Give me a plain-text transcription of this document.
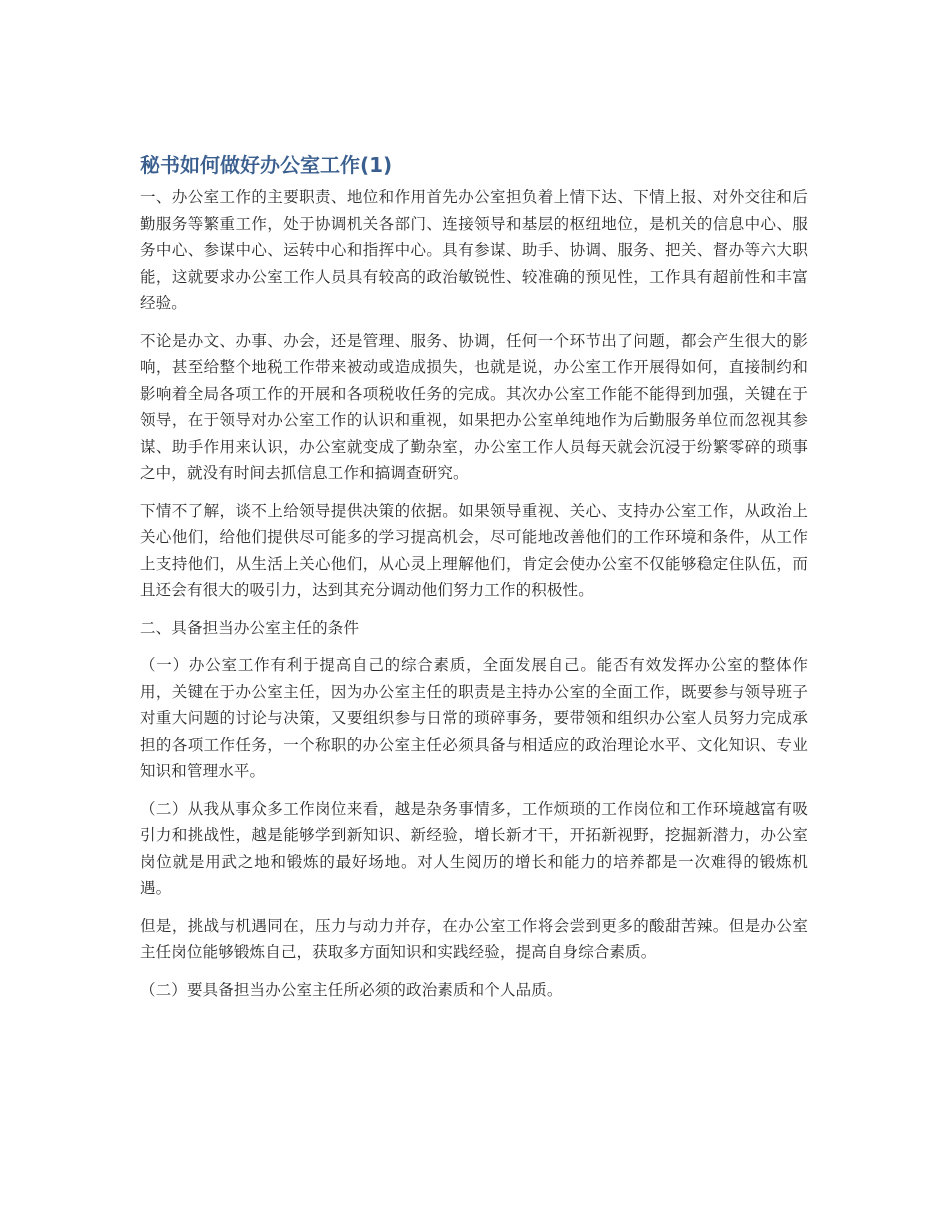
秘书如何做好办公室工作(1)

一、办公室工作的主要职责、地位和作用首先办公室担负着上情下达、下情上报、对外交往和后勤服务等繁重工作，处于协调机关各部门、连接领导和基层的枢纽地位，是机关的信息中心、服务中心、参谋中心、运转中心和指挥中心。具有参谋、助手、协调、服务、把关、督办等六大职能，这就要求办公室工作人员具有较高的政治敏锐性、较准确的预见性，工作具有超前性和丰富经验。

不论是办文、办事、办会，还是管理、服务、协调，任何一个环节出了问题，都会产生很大的影响，甚至给整个地税工作带来被动或造成损失，也就是说，办公室工作开展得如何，直接制约和影响着全局各项工作的开展和各项税收任务的完成。其次办公室工作能不能得到加强，关键在于领导，在于领导对办公室工作的认识和重视，如果把办公室单纯地作为后勤服务单位而忽视其参谋、助手作用来认识，办公室就变成了勤杂室，办公室工作人员每天就会沉浸于纷繁零碎的琐事之中，就没有时间去抓信息工作和搞调查研究。

下情不了解，谈不上给领导提供决策的依据。如果领导重视、关心、支持办公室工作，从政治上关心他们，给他们提供尽可能多的学习提高机会，尽可能地改善他们的工作环境和条件，从工作上支持他们，从生活上关心他们，从心灵上理解他们，肯定会使办公室不仅能够稳定住队伍，而且还会有很大的吸引力，达到其充分调动他们努力工作的积极性。

二、具备担当办公室主任的条件

（一）办公室工作有利于提高自己的综合素质，全面发展自己。能否有效发挥办公室的整体作用，关键在于办公室主任，因为办公室主任的职责是主持办公室的全面工作，既要参与领导班子对重大问题的讨论与决策，又要组织参与日常的琐碎事务，要带领和组织办公室人员努力完成承担的各项工作任务，一个称职的办公室主任必须具备与相适应的政治理论水平、文化知识、专业知识和管理水平。

（二）从我从事众多工作岗位来看，越是杂务事情多，工作烦琐的工作岗位和工作环境越富有吸引力和挑战性，越是能够学到新知识、新经验，增长新才干，开拓新视野，挖掘新潜力，办公室岗位就是用武之地和锻炼的最好场地。对人生阅历的增长和能力的培养都是一次难得的锻炼机遇。

但是，挑战与机遇同在，压力与动力并存，在办公室工作将会尝到更多的酸甜苦辣。但是办公室主任岗位能够锻炼自己，获取多方面知识和实践经验，提高自身综合素质。

（二）要具备担当办公室主任所必须的政治素质和个人品质。
